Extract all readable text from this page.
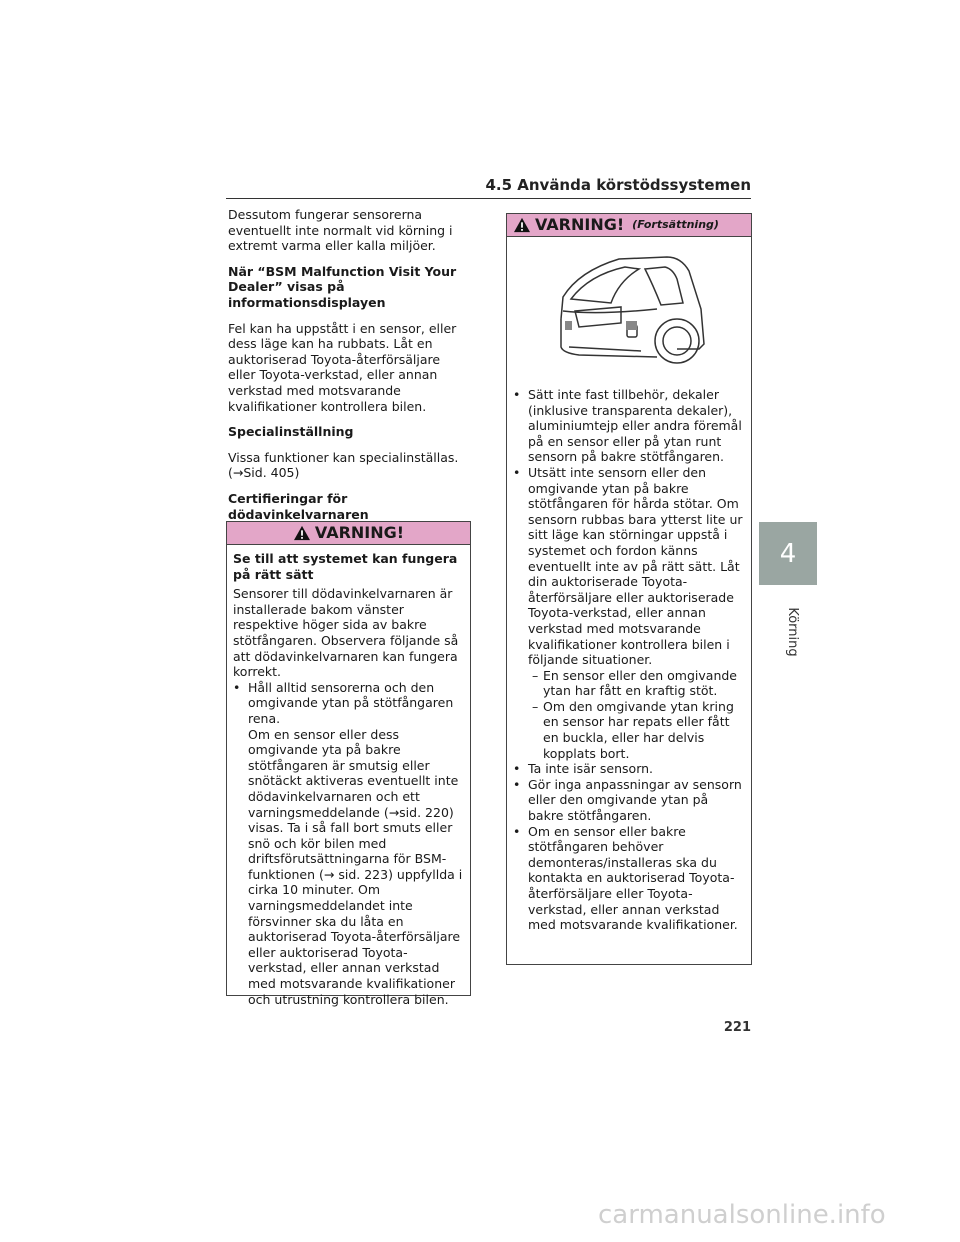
4.5 Använda körstödssystemen

Dessutom fungerar sensorerna eventuellt inte normalt vid körning i extremt varma eller kalla miljöer.

När “BSM Malfunction Visit Your Dealer” visas på informationsdisplayen

Fel kan ha uppstått i en sensor, eller dess läge kan ha rubbats. Låt en auktoriserad Toyota-återförsäljare eller Toyota-verkstad, eller annan verkstad med motsvarande kvalifikationer kontrollera bilen.

Specialinställning

Vissa funktioner kan specialinställas. (→Sid. 405)

Certifieringar för dödavinkelvarnaren

VARNING!

Se till att systemet kan fungera på rätt sätt

Sensorer till dödavinkelvarnaren är installerade bakom vänster respektive höger sida av bakre stötfångaren. Observera följande så att dödavinkelvarnaren kan fungera korrekt.

• Håll alltid sensorerna och den omgivande ytan på stötfångaren rena.
Om en sensor eller dess omgivande yta på bakre stötfångaren är smutsig eller snötäckt aktiveras eventuellt inte dödavinkelvarnaren och ett varningsmeddelande (→sid. 220) visas. Ta i så fall bort smuts eller snö och kör bilen med driftsförutsättningarna för BSM-funktionen (→ sid. 223) uppfyllda i cirka 10 minuter. Om varningsmeddelandet inte försvinner ska du låta en auktoriserad Toyota-återförsäljare eller auktoriserad Toyota-verkstad, eller annan verkstad med motsvarande kvalifikationer och utrustning kontrollera bilen.
VARNING! (Fortsättning)
• Sätt inte fast tillbehör, dekaler (inklusive transparenta dekaler), aluminiumtejp eller andra föremål på en sensor eller på ytan runt sensorn på bakre stötfångaren.
• Utsätt inte sensorn eller den omgivande ytan på bakre stötfångaren för hårda stötar. Om sensorn rubbas bara ytterst lite ur sitt läge kan störningar uppstå i systemet och fordon känns eventuellt inte av på rätt sätt. Låt din auktoriserade Toyota-återförsäljare eller auktoriserade Toyota-verkstad, eller annan verkstad med motsvarande kvalifikationer kontrollera bilen i följande situationer.
– En sensor eller den omgivande ytan har fått en kraftig stöt.
– Om den omgivande ytan kring en sensor har repats eller fått en buckla, eller har delvis kopplats bort.
• Ta inte isär sensorn.
• Gör inga anpassningar av sensorn eller den omgivande ytan på bakre stötfångaren.
• Om en sensor eller bakre stötfångaren behöver demonteras/installeras ska du kontakta en auktoriserad Toyota-återförsäljare eller Toyota-verkstad, eller annan verkstad med motsvarande kvalifikationer.
4
Körning
221
carmanualsonline.info
